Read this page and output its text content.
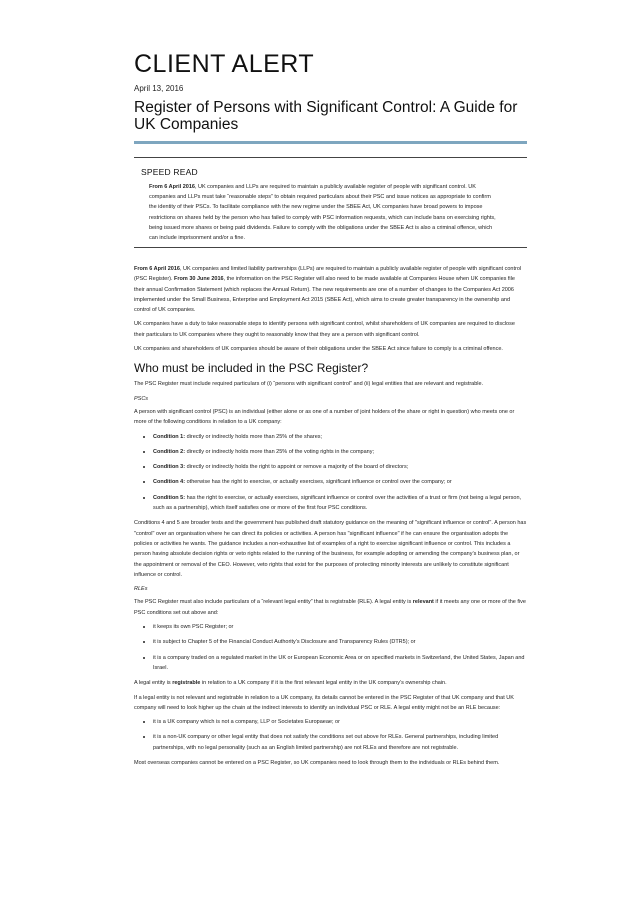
CLIENT ALERT
April 13, 2016
Register of Persons with Significant Control: A Guide for UK Companies
SPEED READ

From 6 April 2016, UK companies and LLPs are required to maintain a publicly available register of people with significant control. UK companies and LLPs must take “reasonable steps” to obtain required particulars about their PSC and issue notices as appropriate to confirm the identity of their PSCs. To facilitate compliance with the new regime under the SBEE Act, UK companies have broad powers to impose restrictions on shares held by the person who has failed to comply with PSC information requests, which can include bans on exercising rights, being issued more shares or being paid dividends. Failure to comply with the obligations under the SBEE Act is also a criminal offence, which can include imprisonment and/or a fine.

From 6 April 2016, UK companies and limited liability partnerships (LLPs) are required to maintain a publicly available register of people with significant control (PSC Register). From 30 June 2016, the information on the PSC Register will also need to be made available at Companies House when UK companies file their annual Confirmation Statement (which replaces the Annual Return). The new requirements are one of a number of changes to the Companies Act 2006 implemented under the Small Business, Enterprise and Employment Act 2015 (SBEE Act), which aims to create greater transparency in the ownership and control of UK companies.

UK companies have a duty to take reasonable steps to identify persons with significant control, whilst shareholders of UK companies are required to disclose their particulars to UK companies where they ought to reasonably know that they are a person with significant control.

UK companies and shareholders of UK companies should be aware of their obligations under the SBEE Act since failure to comply is a criminal offence.

Who must be included in the PSC Register?

The PSC Register must include required particulars of (i) “persons with significant control” and (ii) legal entities that are relevant and registrable.

PSCs

A person with significant control (PSC) is an individual (either alone or as one of a number of joint holders of the share or right in question) who meets one or more of the following conditions in relation to a UK company:

• Condition 1: directly or indirectly holds more than 25% of the shares;
• Condition 2: directly or indirectly holds more than 25% of the voting rights in the company;
• Condition 3: directly or indirectly holds the right to appoint or remove a majority of the board of directors;
• Condition 4: otherwise has the right to exercise, or actually exercises, significant influence or control over the company; or
• Condition 5: has the right to exercise, or actually exercises, significant influence or control over the activities of a trust or firm (not being a legal person, such as a partnership), which itself satisfies one or more of the first four PSC conditions.

Conditions 4 and 5 are broader tests and the government has published draft statutory guidance on the meaning of "significant influence or control". A person has "control" over an organisation where he can direct its policies or activities. A person has "significant influence" if he can ensure the organisation adopts the policies or activities he wants. The guidance includes a non-exhaustive list of examples of a right to exercise significant influence or control. This includes a person having absolute decision rights or veto rights related to the running of the business, for example adopting or amending the company’s business plan, or the appointment or removal of the CEO. However, veto rights that exist for the purposes of protecting minority interests are unlikely to constitute significant influence or control.

RLEs

The PSC Register must also include particulars of a “relevant legal entity” that is registrable (RLE). A legal entity is relevant if it meets any one or more of the five PSC conditions set out above and:

• it keeps its own PSC Register; or
• it is subject to Chapter 5 of the Financial Conduct Authority’s Disclosure and Transparency Rules (DTR5); or
• it is a company traded on a regulated market in the UK or European Economic Area or on specified markets in Switzerland, the United States, Japan and Israel.

A legal entity is registrable in relation to a UK company if it is the first relevant legal entity in the UK company’s ownership chain.

If a legal entity is not relevant and registrable in relation to a UK company, its details cannot be entered in the PSC Register of that UK company and that UK company will need to look higher up the chain at the indirect interests to identify an individual PSC or RLE. A legal entity might not be an RLE because:

• it is a UK company which is not a company, LLP or Societates Europaeae; or
• it is a non-UK company or other legal entity that does not satisfy the conditions set out above for RLEs. General partnerships, including limited partnerships, with no legal personality (such as an English limited partnership) are not RLEs and therefore are not registrable.

Most overseas companies cannot be entered on a PSC Register, so UK companies need to look through them to the individuals or RLEs behind them.
